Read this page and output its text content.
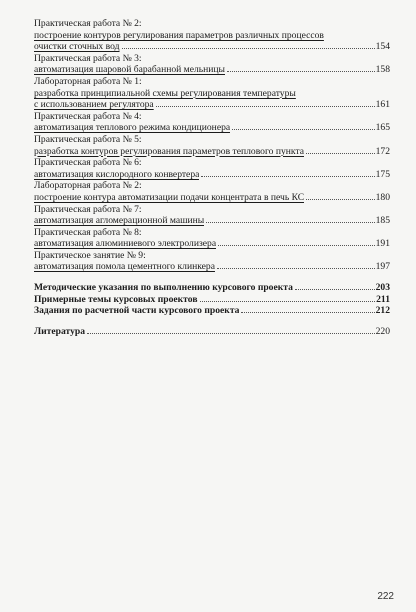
Практическая работа № 2:
построение контуров регулирования параметров различных процессов
очистки сточных вод	154
Практическая работа № 3:
автоматизация шаровой барабанной мельницы	158
Лабораторная работа № 1:
разработка принципиальной схемы регулирования температуры
с использованием регулятора	161
Практическая работа № 4:
автоматизация теплового режима кондиционера	165
Практическая работа № 5:
разработка контуров регулирования параметров теплового пункта	172
Практическая работа № 6:
автоматизация кислородного конвертера	175
Лабораторная работа № 2:
построение контура автоматизации подачи концентрата в печь КС	180
Практическая работа № 7:
автоматизация агломерационной машины	185
Практическая работа № 8:
автоматизация алюминиевого электролизера	191
Практическое занятие № 9:
автоматизация помола цементного клинкера	197
Методические указания по выполнению курсового проекта	203
Примерные темы курсовых проектов	211
Задания по расчетной части курсового проекта	212
Литература	220
222
